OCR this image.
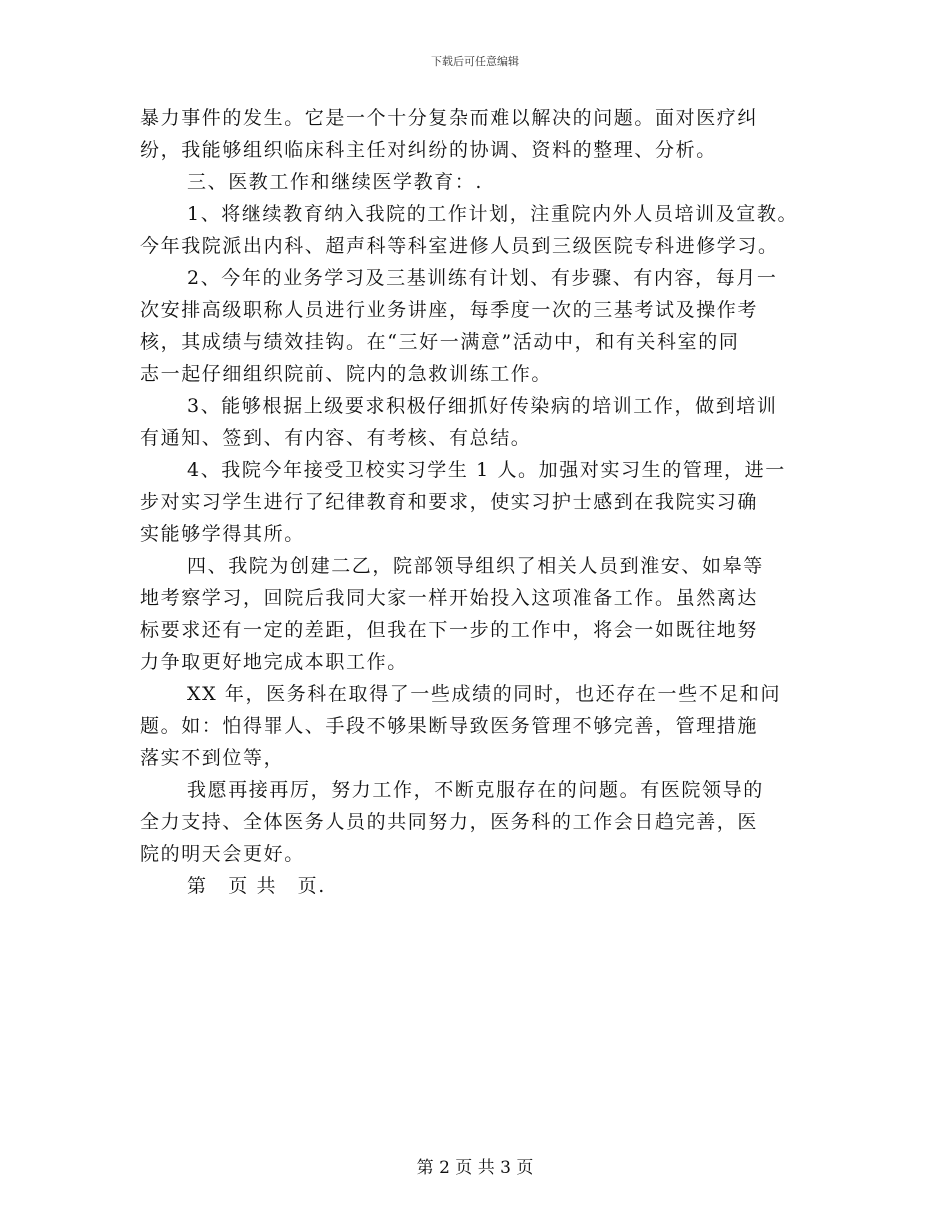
下载后可任意编辑
暴力事件的发生。它是一个十分复杂而难以解决的问题。面对医疗纠
纷，我能够组织临床科主任对纠纷的协调、资料的整理、分析。
三、医教工作和继续医学教育：.
1、将继续教育纳入我院的工作计划，注重院内外人员培训及宣教。
今年我院派出内科、超声科等科室进修人员到三级医院专科进修学习。
2、今年的业务学习及三基训练有计划、有步骤、有内容，每月一
次安排高级职称人员进行业务讲座，每季度一次的三基考试及操作考
核，其成绩与绩效挂钩。在“三好一满意”活动中，和有关科室的同
志一起仔细组织院前、院内的急救训练工作。
3、能够根据上级要求积极仔细抓好传染病的培训工作，做到培训
有通知、签到、有内容、有考核、有总结。
4、我院今年接受卫校实习学生 1 人。加强对实习生的管理，进一
步对实习学生进行了纪律教育和要求，使实习护士感到在我院实习确
实能够学得其所。
四、我院为创建二乙，院部领导组织了相关人员到淮安、如皋等
地考察学习，回院后我同大家一样开始投入这项准备工作。虽然离达
标要求还有一定的差距，但我在下一步的工作中，将会一如既往地努
力争取更好地完成本职工作。
XX 年，医务科在取得了一些成绩的同时，也还存在一些不足和问
题。如：怕得罪人、手段不够果断导致医务管理不够完善，管理措施
落实不到位等，
我愿再接再厉，努力工作，不断克服存在的问题。有医院领导的
全力支持、全体医务人员的共同努力，医务科的工作会日趋完善，医
院的明天会更好。
第　页 共　页.
第 2 页 共 3 页
